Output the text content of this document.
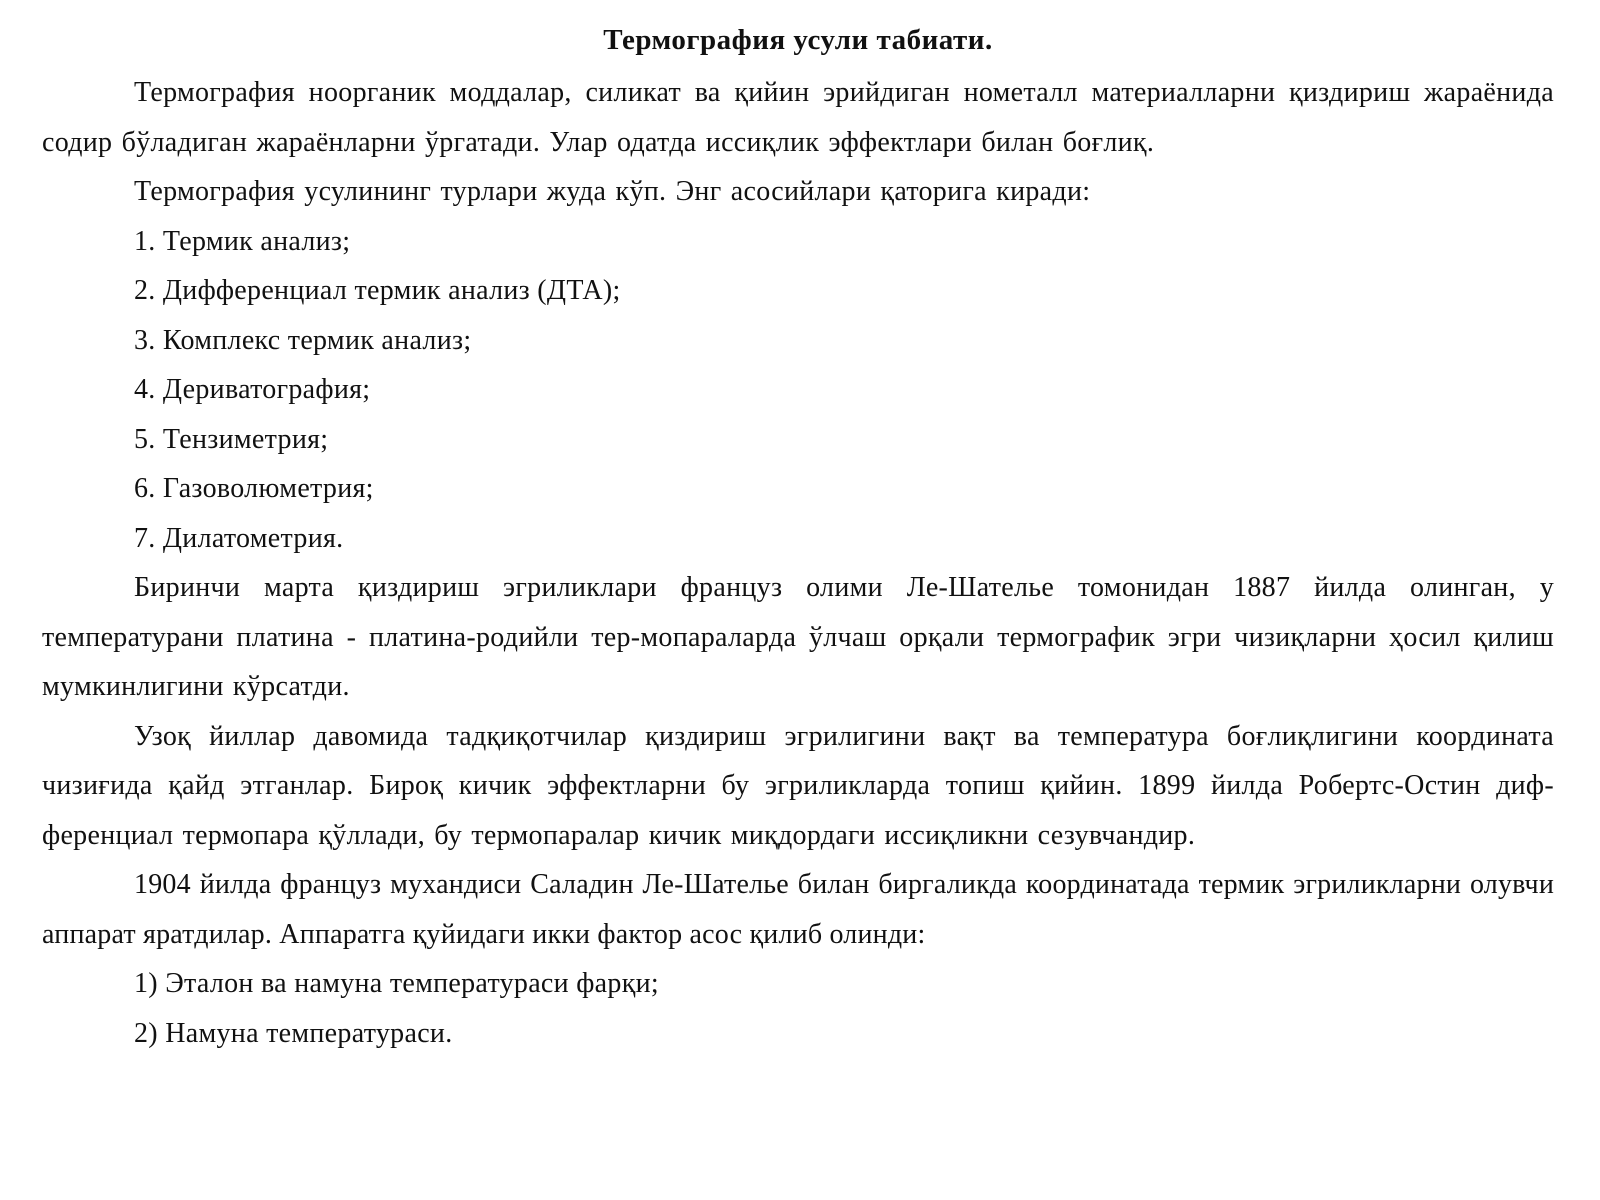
Термография усули табиати.

Термография ноорганик моддалар, силикат ва қийин эрийдиган нометалл материалларни қиздириш жараёнида содир бўладиган жараёнларни ўргатади. Улар одатда иссиқлик эффектлари билан боғлиқ.

Термография усулининг турлари жуда кўп. Энг асосийлари қаторига киради:

1. Термик анализ;

2. Дифференциал термик анализ (ДТА);

3. Комплекс термик анализ;

4. Дериватография;

5. Тензиметрия;

6. Газоволюметрия;

7. Дилатометрия.

Биринчи марта қиздириш эгриликлари француз олими Ле-Шателье томонидан 1887 йилда олинган, у температурани платина - платина-родийли тер-мопараларда ўлчаш орқали термографик эгри чизиқларни ҳосил қилиш мумкинлигини кўрсатди.

Узоқ йиллар давомида тадқиқотчилар қиздириш эгрилигини вақт ва температура боғлиқлигини координата чизиғида қайд этганлар. Бироқ кичик эффектларни бу эгриликларда топиш қийин. 1899 йилда Робертс-Остин диф-ференциал термопара қўллади, бу термопаралар кичик миқдордаги иссиқликни сезувчандир.

1904 йилда француз мухандиси Саладин Ле-Шателье билан биргаликда координатада термик эгриликларни олувчи аппарат яратдилар. Аппаратга қуйидаги икки фактор асос қилиб олинди:

1) Эталон ва намуна температураси фарқи;

2) Намуна температураси.
